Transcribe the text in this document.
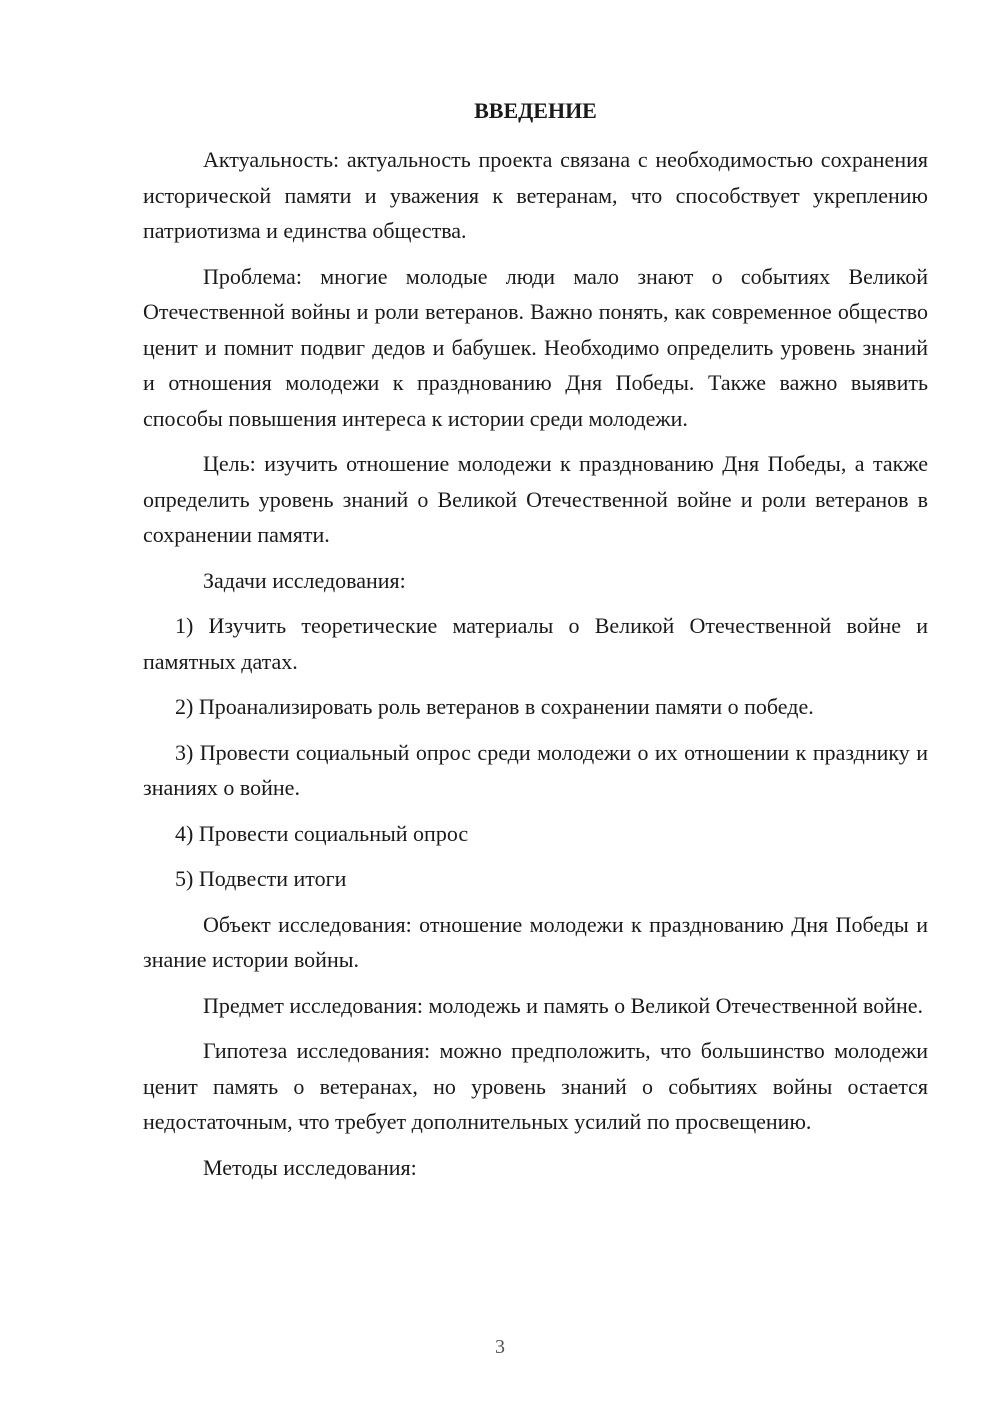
ВВЕДЕНИЕ

Актуальность: актуальность проекта связана с необходимостью сохранения исторической памяти и уважения к ветеранам, что способствует укреплению патриотизма и единства общества.

Проблема: многие молодые люди мало знают о событиях Великой Отечественной войны и роли ветеранов. Важно понять, как современное общество ценит и помнит подвиг дедов и бабушек. Необходимо определить уровень знаний и отношения молодежи к празднованию Дня Победы. Также важно выявить способы повышения интереса к истории среди молодежи.

Цель: изучить отношение молодежи к празднованию Дня Победы, а также определить уровень знаний о Великой Отечественной войне и роли ветеранов в сохранении памяти.

Задачи исследования:

1) Изучить теоретические материалы о Великой Отечественной войне и памятных датах.

2) Проанализировать роль ветеранов в сохранении памяти о победе.

3) Провести социальный опрос среди молодежи о их отношении к празднику и знаниях о войне.

4) Провести социальный опрос

5) Подвести итоги

Объект исследования: отношение молодежи к празднованию Дня Победы и знание истории войны.

Предмет исследования: молодежь и память о Великой Отечественной войне.

Гипотеза исследования: можно предположить, что большинство молодежи ценит память о ветеранах, но уровень знаний о событиях войны остается недостаточным, что требует дополнительных усилий по просвещению.

Методы исследования:

3
